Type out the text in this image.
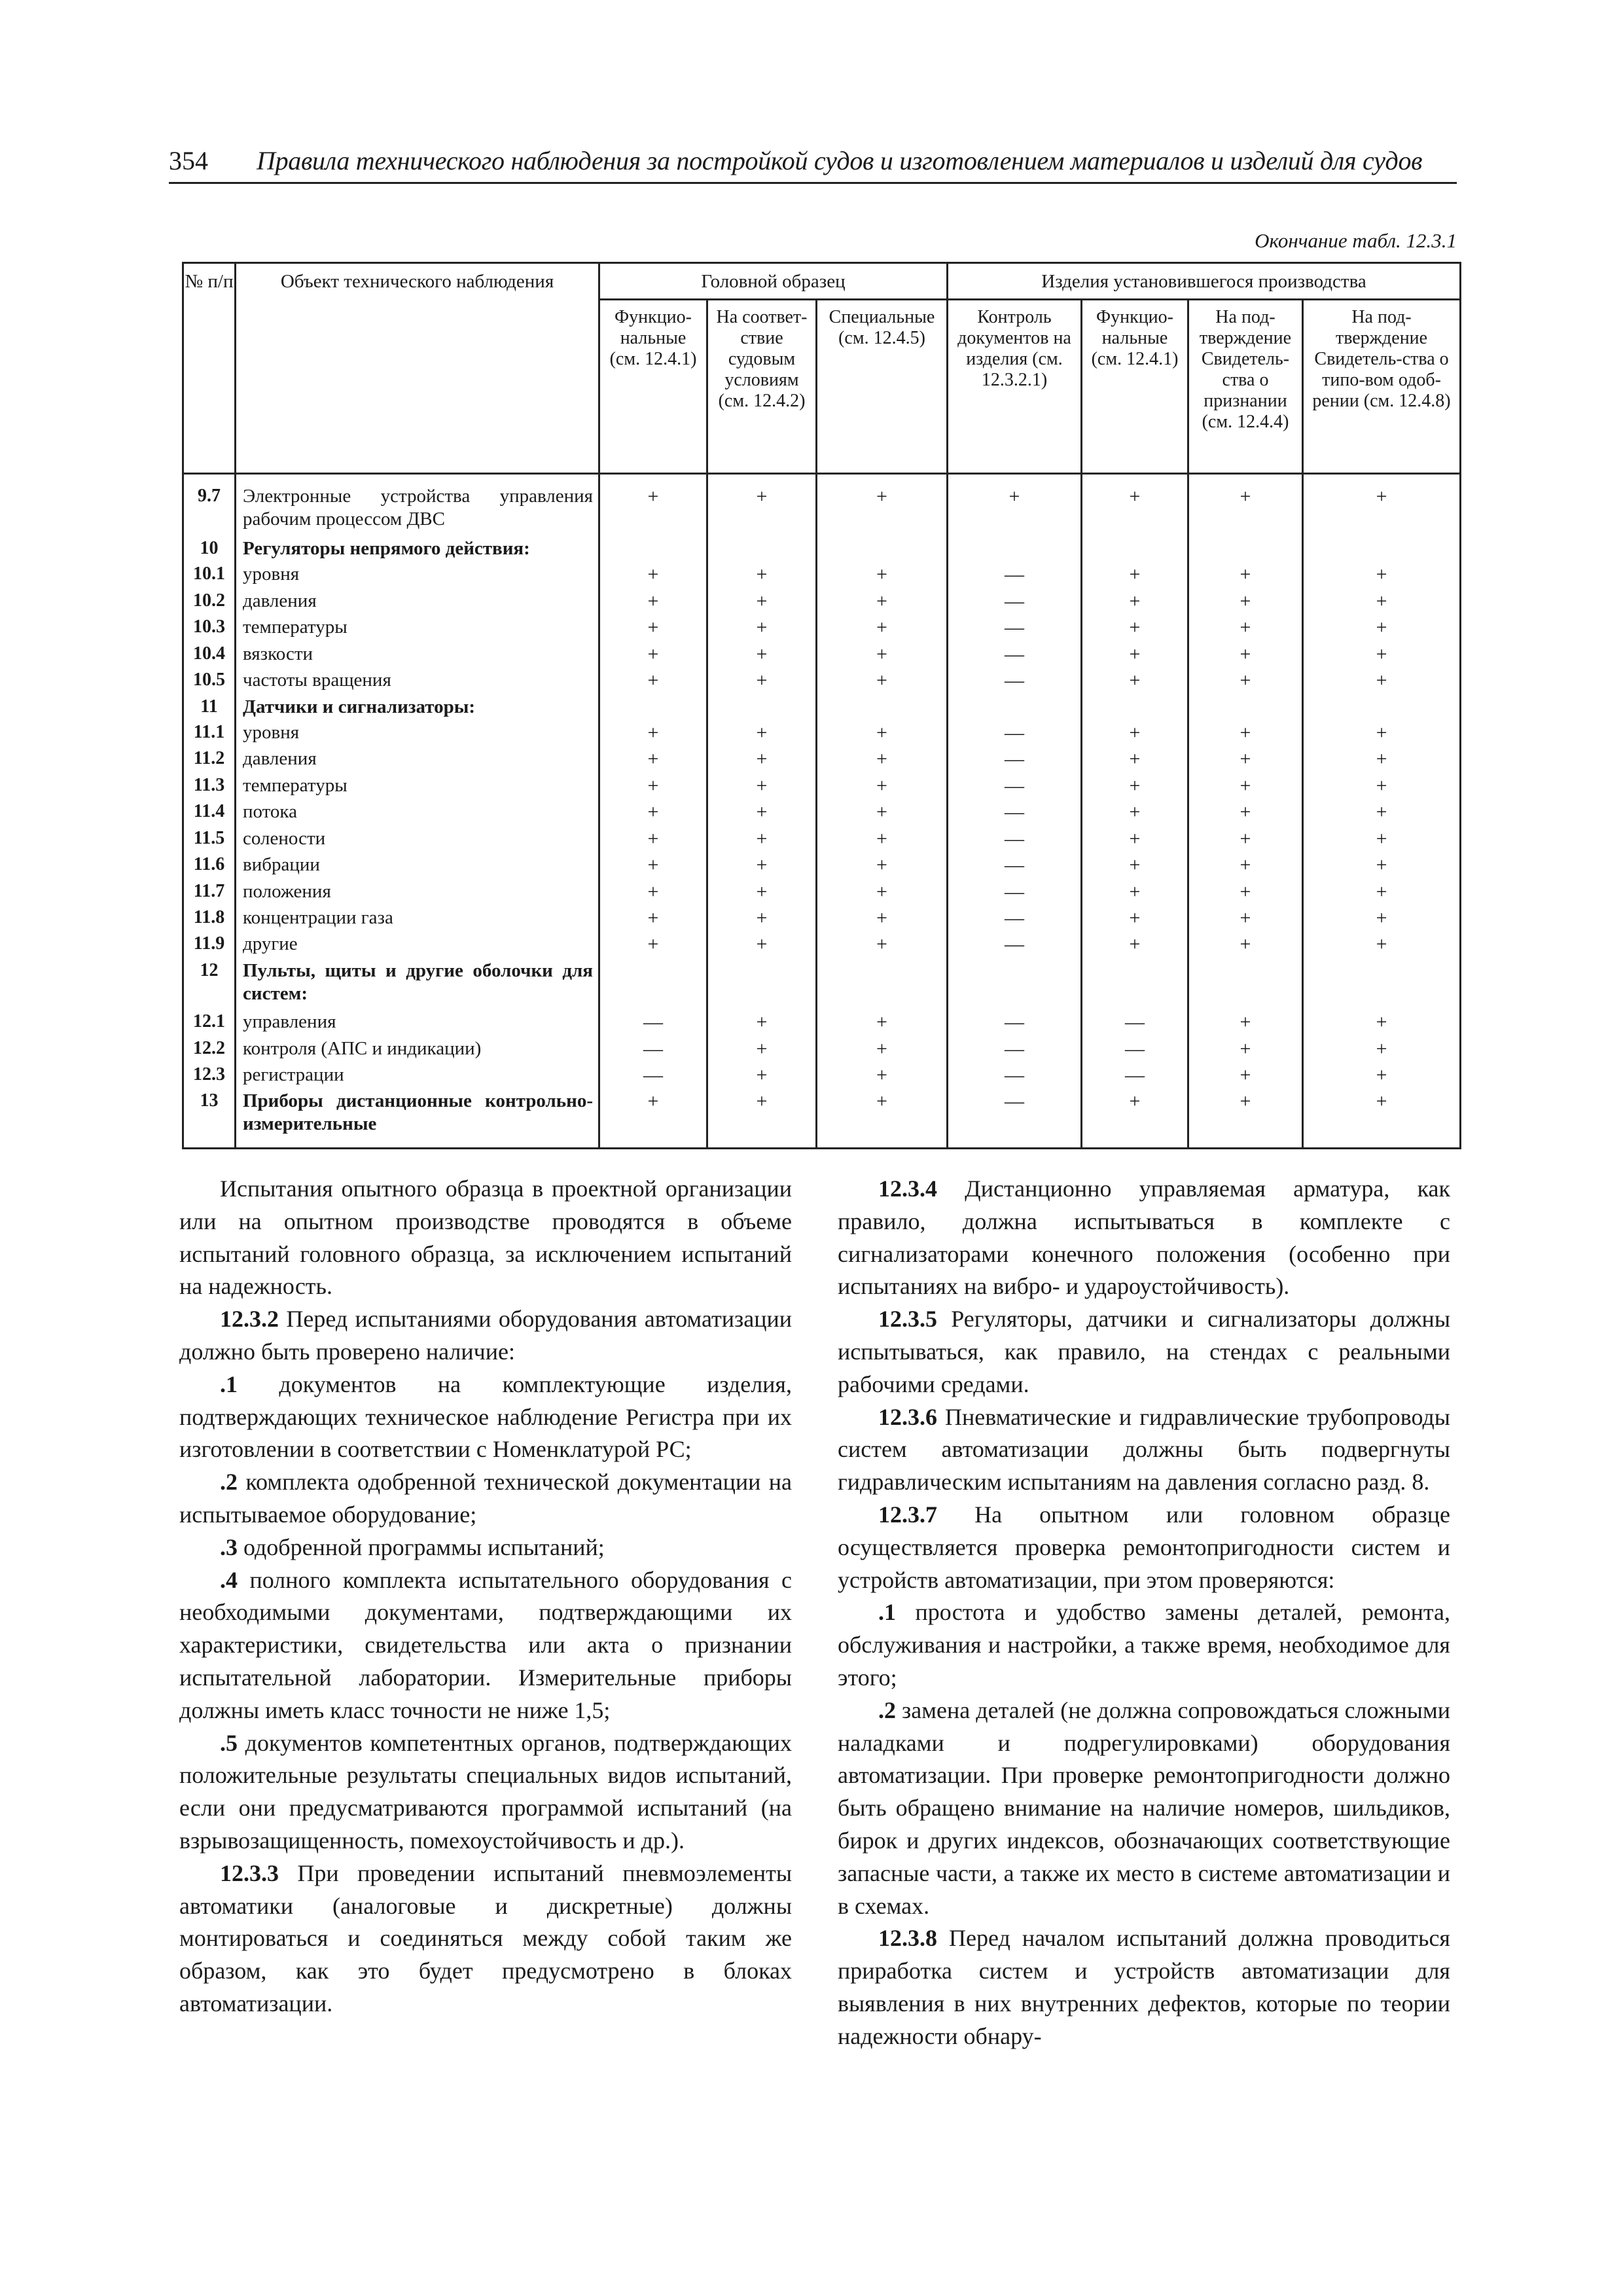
354 Правила технического наблюдения за постройкой судов и изготовлением материалов и изделий для судов
Окончание табл. 12.3.1
№ п/п	Объект технического наблюдения	Головной образец			Изделия установившегося производства			
		Функцио-нальные (см. 12.4.1)	На соответ-ствие судовым условиям (см. 12.4.2)	Специальные (см. 12.4.5)	Контроль документов на изделия (см. 12.3.2.1)	Функцио-нальные (см. 12.4.1)	На под-тверждение Свидетель-ства о признании (см. 12.4.4)	На под-тверждение Свидетель-ства о типо-вом одоб-рении (см. 12.4.8)
9.7	Электронные устройства управления рабочим процессом ДВС	+	+	+	+	+	+	+
10	Регуляторы непрямого действия:							
10.1	уровня	+	+	+	—	+	+	+
10.2	давления	+	+	+	—	+	+	+
10.3	температуры	+	+	+	—	+	+	+
10.4	вязкости	+	+	+	—	+	+	+
10.5	частоты вращения	+	+	+	—	+	+	+
11	Датчики и сигнализаторы:							
11.1	уровня	+	+	+	—	+	+	+
11.2	давления	+	+	+	—	+	+	+
11.3	температуры	+	+	+	—	+	+	+
11.4	потока	+	+	+	—	+	+	+
11.5	солености	+	+	+	—	+	+	+
11.6	вибрации	+	+	+	—	+	+	+
11.7	положения	+	+	+	—	+	+	+
11.8	концентрации газа	+	+	+	—	+	+	+
11.9	другие	+	+	+	—	+	+	+
12	Пульты, щиты и другие оболочки для систем:							
12.1	управления	—	+	+	—	—	+	+
12.2	контроля (АПС и индикации)	—	+	+	—	—	+	+
12.3	регистрации	—	+	+	—	—	+	+
13	Приборы дистанционные контрольно-измерительные	+	+	+	—	+	+	+

Испытания опытного образца в проектной организации или на опытном производстве проводятся в объеме испытаний головного образца, за исключением испытаний на надежность.

12.3.2 Перед испытаниями оборудования автоматизации должно быть проверено наличие:

.1 документов на комплектующие изделия, подтверждающих техническое наблюдение Регистра при их изготовлении в соответствии с Номенклатурой РС;

.2 комплекта одобренной технической документации на испытываемое оборудование;

.3 одобренной программы испытаний;

.4 полного комплекта испытательного оборудования с необходимыми документами, подтверждающими их характеристики, свидетельства или акта о признании испытательной лаборатории. Измерительные приборы должны иметь класс точности не ниже 1,5;

.5 документов компетентных органов, подтверждающих положительные результаты специальных видов испытаний, если они предусматриваются программой испытаний (на взрывозащищенность, помехоустойчивость и др.).

12.3.3 При проведении испытаний пневмоэлементы автоматики (аналоговые и дискретные) должны монтироваться и соединяться между собой таким же образом, как это будет предусмотрено в блоках автоматизации.

12.3.4 Дистанционно управляемая арматура, как правило, должна испытываться в комплекте с сигнализаторами конечного положения (особенно при испытаниях на вибро- и удароустойчивость).

12.3.5 Регуляторы, датчики и сигнализаторы должны испытываться, как правило, на стендах с реальными рабочими средами.

12.3.6 Пневматические и гидравлические трубопроводы систем автоматизации должны быть подвергнуты гидравлическим испытаниям на давления согласно разд. 8.

12.3.7 На опытном или головном образце осуществляется проверка ремонтопригодности систем и устройств автоматизации, при этом проверяются:

.1 простота и удобство замены деталей, ремонта, обслуживания и настройки, а также время, необходимое для этого;

.2 замена деталей (не должна сопровождаться сложными наладками и подрегулировками) оборудования автоматизации. При проверке ремонтопригодности должно быть обращено внимание на наличие номеров, шильдиков, бирок и других индексов, обозначающих соответствующие запасные части, а также их место в системе автоматизации и в схемах.

12.3.8 Перед началом испытаний должна проводиться приработка систем и устройств автоматизации для выявления в них внутренних дефектов, которые по теории надежности обнару-
